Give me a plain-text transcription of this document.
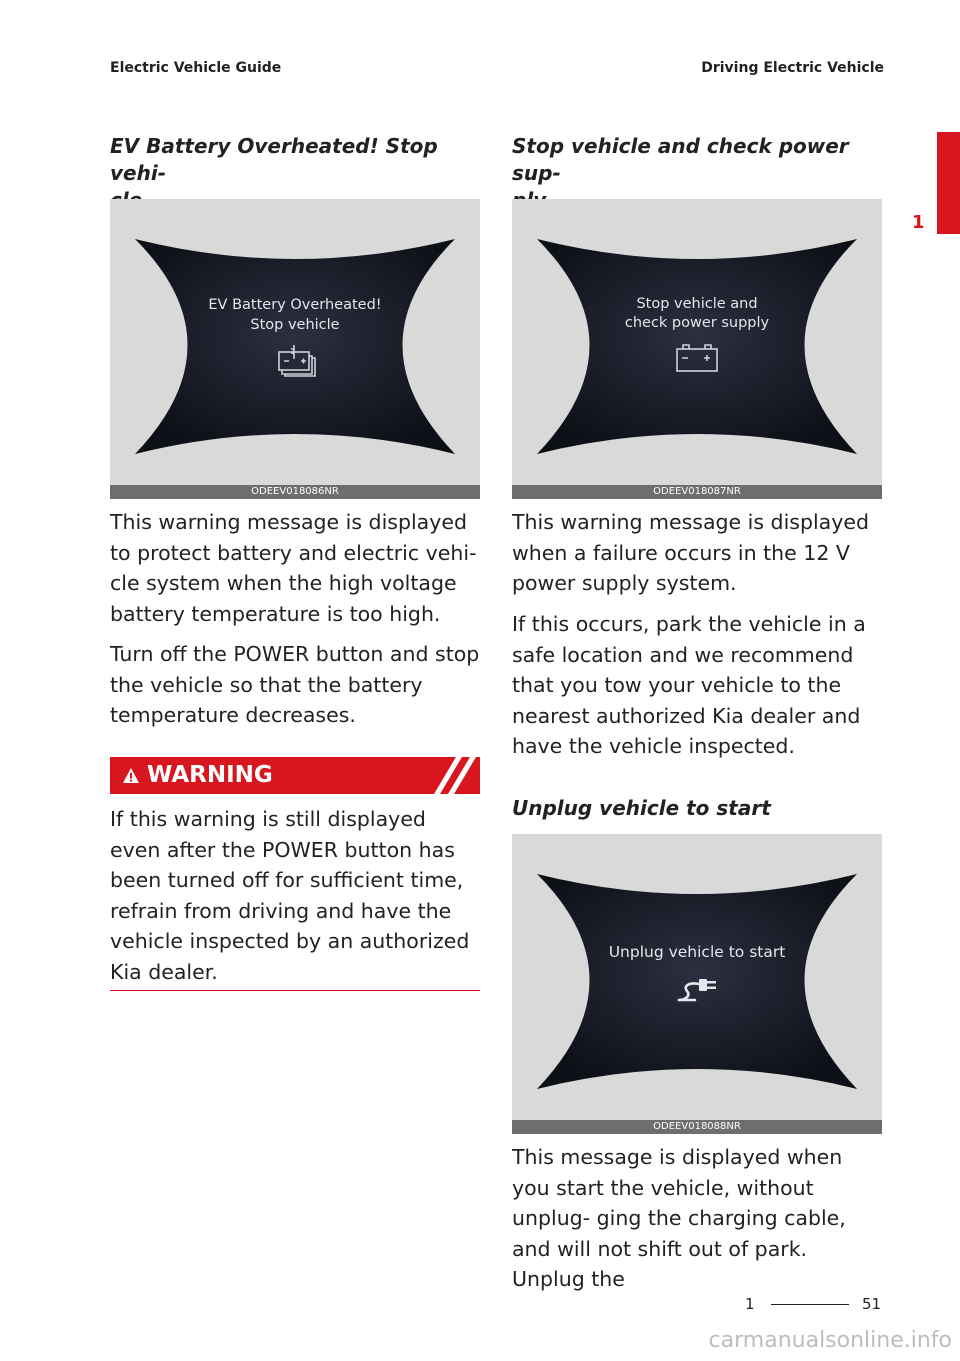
Electric Vehicle Guide	Driving Electric Vehicle
1
EV Battery Overheated! Stop vehi-

EV Battery Overheated!
Stop vehicle
ODEEV018086NR

This warning message is displayed to protect battery and electric vehi- cle system when the high voltage battery temperature is too high.

Turn off the POWER button and stop the vehicle so that the battery temperature decreases.

WARNING

If this warning is still displayed even after the POWER button has been turned off for sufficient time, refrain from driving and have the vehicle inspected by an authorized Kia dealer.

Stop vehicle and check power sup-

Stop vehicle and
check power supply
ODEEV018087NR

This warning message is displayed when a failure occurs in the 12 V power supply system.

If this occurs, park the vehicle in a safe location and we recommend that you tow your vehicle to the nearest authorized Kia dealer and have the vehicle inspected.

Unplug vehicle to start
Unplug vehicle to start
ODEEV018088NR

This message is displayed when you start the vehicle, without unplug- ging the charging cable, and will not shift out of park. Unplug the

1	51
carmanualsonline.info
